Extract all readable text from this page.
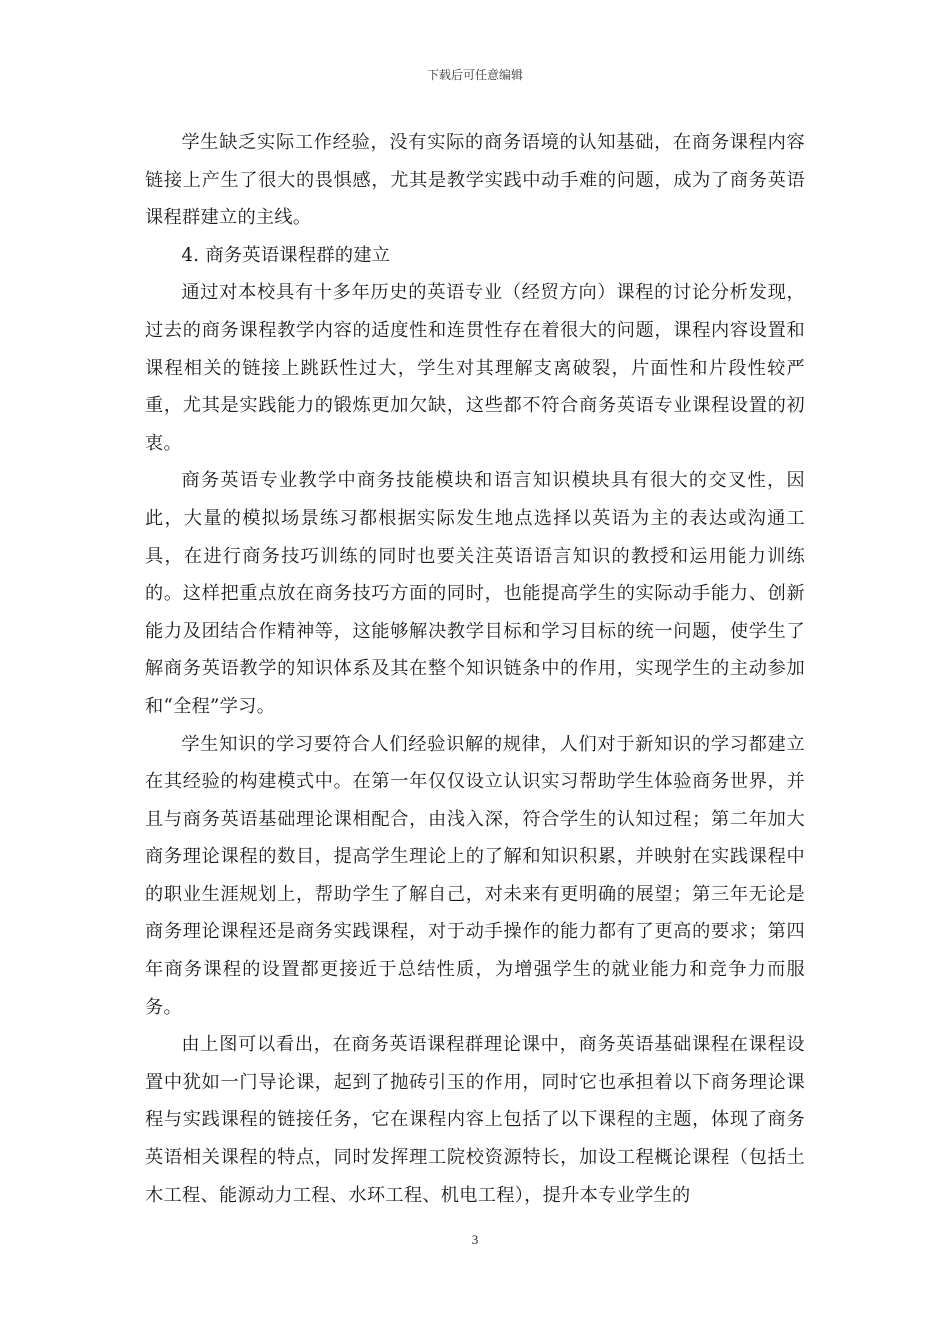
下载后可任意编辑

学生缺乏实际工作经验，没有实际的商务语境的认知基础，在商务课程内容链接上产生了很大的畏惧感，尤其是教学实践中动手难的问题，成为了商务英语课程群建立的主线。

4. 商务英语课程群的建立

通过对本校具有十多年历史的英语专业（经贸方向）课程的讨论分析发现，过去的商务课程教学内容的适度性和连贯性存在着很大的问题，课程内容设置和课程相关的链接上跳跃性过大，学生对其理解支离破裂，片面性和片段性较严重，尤其是实践能力的锻炼更加欠缺，这些都不符合商务英语专业课程设置的初衷。

商务英语专业教学中商务技能模块和语言知识模块具有很大的交叉性，因此，大量的模拟场景练习都根据实际发生地点选择以英语为主的表达或沟通工具，在进行商务技巧训练的同时也要关注英语语言知识的教授和运用能力训练的。这样把重点放在商务技巧方面的同时，也能提高学生的实际动手能力、创新能力及团结合作精神等，这能够解决教学目标和学习目标的统一问题，使学生了解商务英语教学的知识体系及其在整个知识链条中的作用，实现学生的主动参加和“全程”学习。

学生知识的学习要符合人们经验识解的规律，人们对于新知识的学习都建立在其经验的构建模式中。在第一年仅仅设立认识实习帮助学生体验商务世界，并且与商务英语基础理论课相配合，由浅入深，符合学生的认知过程；第二年加大商务理论课程的数目，提高学生理论上的了解和知识积累，并映射在实践课程中的职业生涯规划上，帮助学生了解自己，对未来有更明确的展望；第三年无论是商务理论课程还是商务实践课程，对于动手操作的能力都有了更高的要求；第四年商务课程的设置都更接近于总结性质，为增强学生的就业能力和竞争力而服务。

由上图可以看出，在商务英语课程群理论课中，商务英语基础课程在课程设置中犹如一门导论课，起到了抛砖引玉的作用，同时它也承担着以下商务理论课程与实践课程的链接任务，它在课程内容上包括了以下课程的主题，体现了商务英语相关课程的特点，同时发挥理工院校资源特长，加设工程概论课程（包括土木工程、能源动力工程、水环工程、机电工程），提升本专业学生的

3
